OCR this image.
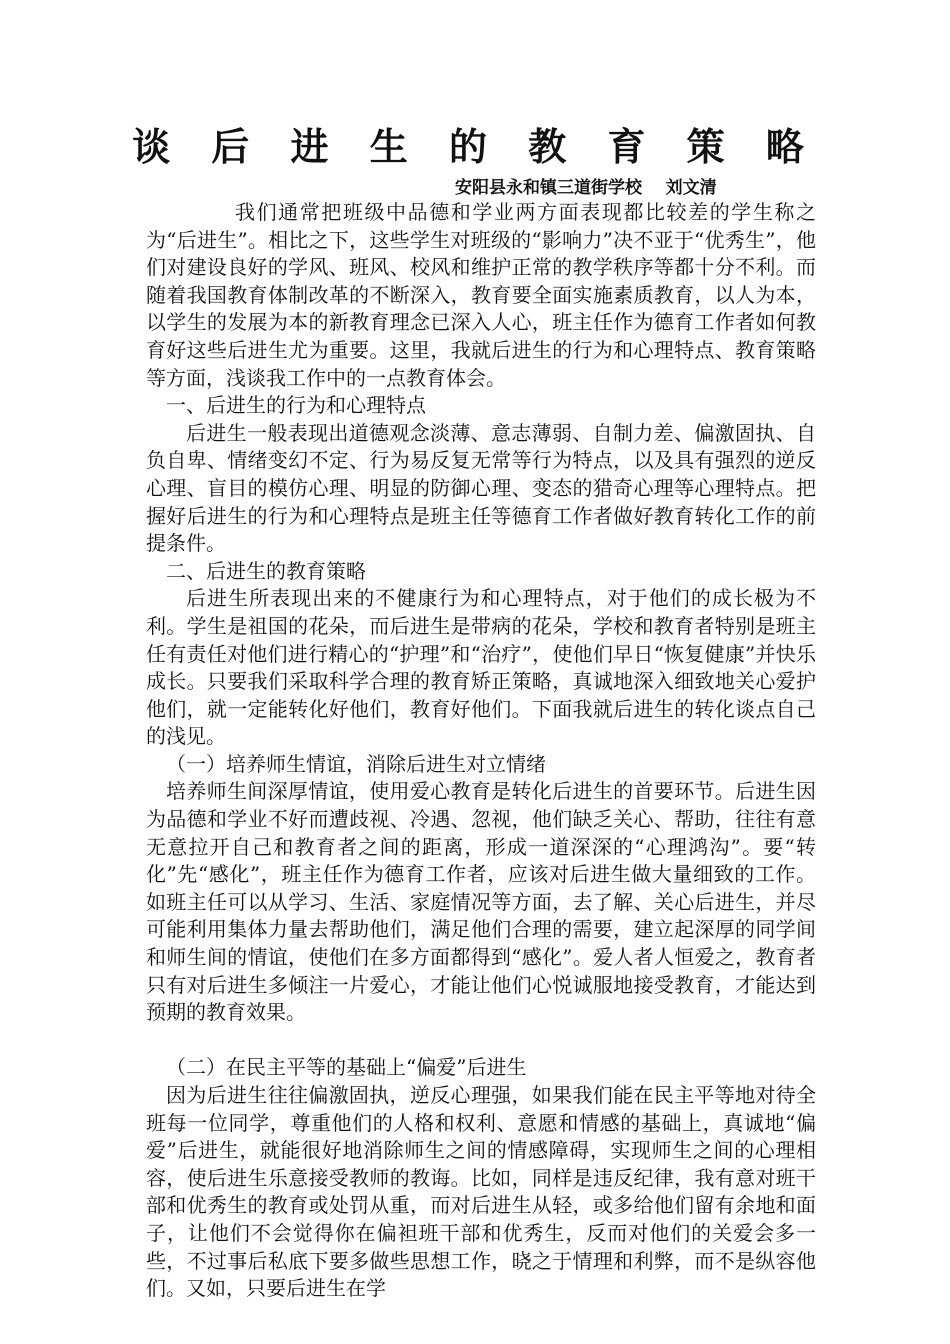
谈 后 进 生 的 教 育 策 略
安阳县永和镇三道街学校    刘文清

我们通常把班级中品德和学业两方面表现都比较差的学生称之为“后进生”。相比之下，这些学生对班级的“影响力”决不亚于“优秀生”，他们对建设良好的学风、班风、校风和维护正常的教学秩序等都十分不利。而随着我国教育体制改革的不断深入，教育要全面实施素质教育，以人为本，以学生的发展为本的新教育理念已深入人心，班主任作为德育工作者如何教育好这些后进生尤为重要。这里，我就后进生的行为和心理特点、教育策略等方面，浅谈我工作中的一点教育体会。

一、后进生的行为和心理特点

后进生一般表现出道德观念淡薄、意志薄弱、自制力差、偏激固执、自负自卑、情绪变幻不定、行为易反复无常等行为特点，以及具有强烈的逆反心理、盲目的模仿心理、明显的防御心理、变态的猎奇心理等心理特点。把握好后进生的行为和心理特点是班主任等德育工作者做好教育转化工作的前提条件。

二、后进生的教育策略

后进生所表现出来的不健康行为和心理特点，对于他们的成长极为不利。学生是祖国的花朵，而后进生是带病的花朵，学校和教育者特别是班主任有责任对他们进行精心的“护理”和“治疗”，使他们早日“恢复健康”并快乐成长。只要我们采取科学合理的教育矫正策略，真诚地深入细致地关心爱护他们，就一定能转化好他们，教育好他们。下面我就后进生的转化谈点自己的浅见。

（一）培养师生情谊，消除后进生对立情绪

培养师生间深厚情谊，使用爱心教育是转化后进生的首要环节。后进生因为品德和学业不好而遭歧视、冷遇、忽视，他们缺乏关心、帮助，往往有意无意拉开自己和教育者之间的距离，形成一道深深的“心理鸿沟”。要“转化”先“感化”，班主任作为德育工作者，应该对后进生做大量细致的工作。如班主任可以从学习、生活、家庭情况等方面，去了解、关心后进生，并尽可能利用集体力量去帮助他们，满足他们合理的需要，建立起深厚的同学间和师生间的情谊，使他们在多方面都得到“感化”。爱人者人恒爱之，教育者只有对后进生多倾注一片爱心，才能让他们心悦诚服地接受教育，才能达到预期的教育效果。

（二）在民主平等的基础上“偏爱”后进生

因为后进生往往偏激固执，逆反心理强，如果我们能在民主平等地对待全班每一位同学，尊重他们的人格和权利、意愿和情感的基础上，真诚地“偏爱”后进生，就能很好地消除师生之间的情感障碍，实现师生之间的心理相容，使后进生乐意接受教师的教诲。比如，同样是违反纪律，我有意对班干部和优秀生的教育或处罚从重，而对后进生从轻，或多给他们留有余地和面子，让他们不会觉得你在偏袒班干部和优秀生，反而对他们的关爱会多一些，不过事后私底下要多做些思想工作，晓之于情理和利弊，而不是纵容他们。又如，只要后进生在学
